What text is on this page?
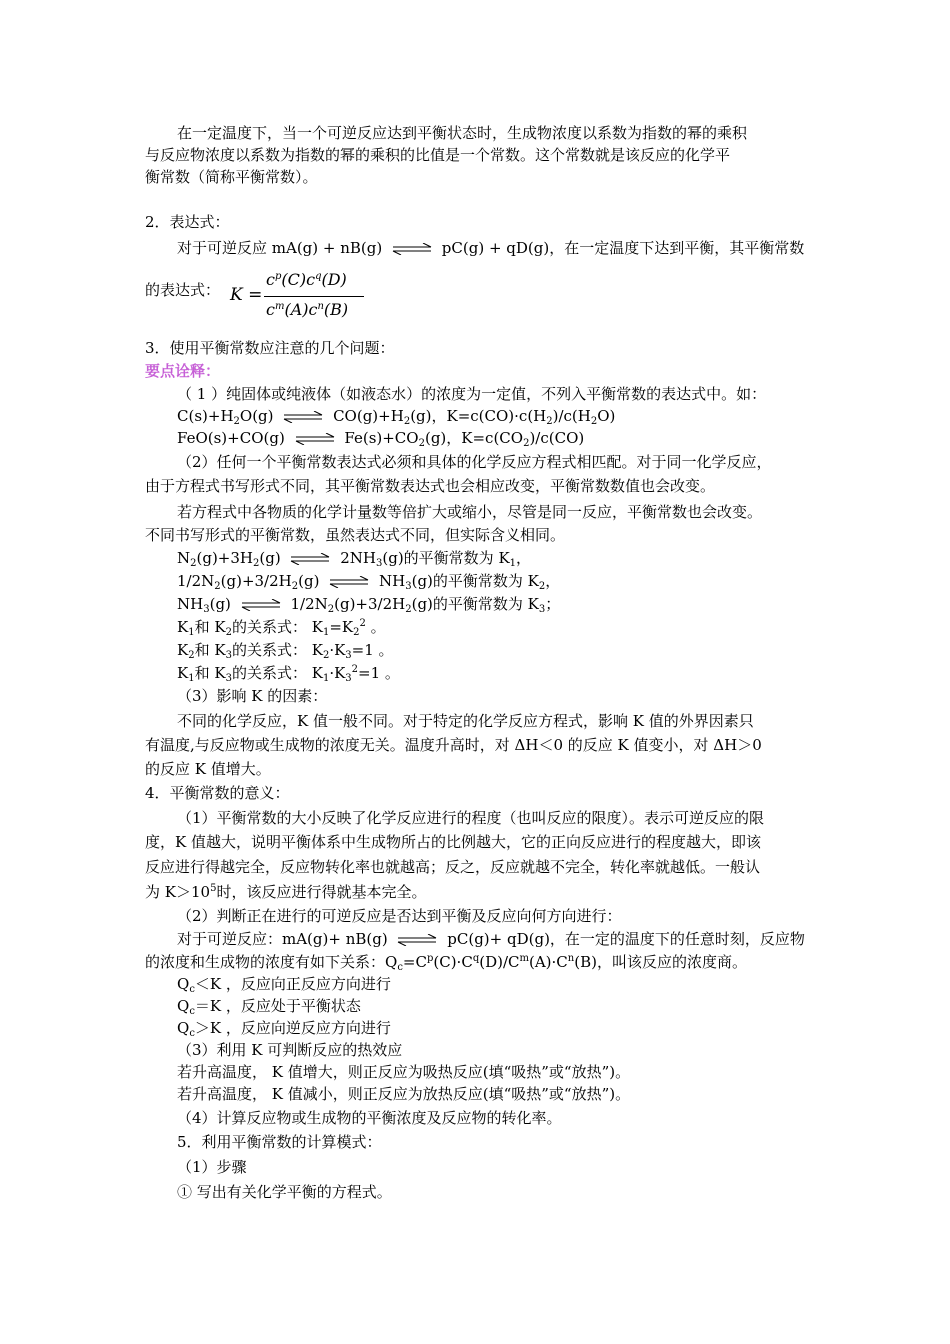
在一定温度下，当一个可逆反应达到平衡状态时，生成物浓度以系数为指数的幂的乘积
与反应物浓度以系数为指数的幂的乘积的比值是一个常数。这个常数就是该反应的化学平
衡常数（简称平衡常数）。
2．表达式：
对于可逆反应 mA(g) + nB(g) ⇌ pC(g) + qD(g)，在一定温度下达到平衡，其平衡常数
的表达式： K =
$c^p(C)c^q(D)$
$c^m(A)c^n(B)$
3．使用平衡常数应注意的几个问题：
要点诠释：
（ 1 ）纯固体或纯液体（如液态水）的浓度为一定值，不列入平衡常数的表达式中。如：
$C(s)+H_2O(g)$ ⇌ $CO(g)+H_2(g)$，$K=c(CO)\cdot c(H_2)/c(H_2O)$
FeO(s)+CO(g) ⇌ $Fe(s)+CO_2(g)$，$K=c(CO_2)/c(CO)$
（2）任何一个平衡常数表达式必须和具体的化学反应方程式相匹配。对于同一化学反应，
由于方程式书写形式不同，其平衡常数表达式也会相应改变，平衡常数数值也会改变。
若方程式中各物质的化学计量数等倍扩大或缩小，尽管是同一反应，平衡常数也会改变。
不同书写形式的平衡常数，虽然表达式不同，但实际含义相同。
$N_2(g)+3H_2(g)$ ⇌ $2NH_3(g)$的平衡常数为 $K_1$，
$1/2N_2(g)+3/2H_2(g)$ ⇌ $NH_3(g)$的平衡常数为 $K_2$，
$NH_3(g)$ ⇌ $1/2N_2(g)+3/2H_2(g)$的平衡常数为 $K_3$；
$K_1$和 $K_2$的关系式： $K_1=K_2^2$ 。
$K_2$和 $K_3$的关系式： $K_2\cdot K_3=1$ 。
$K_1$和 $K_3$的关系式： $K_1\cdot K_3^2=1$ 。
（3）影响 K 的因素：
不同的化学反应，K 值一般不同。对于特定的化学反应方程式，影响 K 值的外界因素只
有温度,与反应物或生成物的浓度无关。温度升高时，对 ΔH＜0 的反应 K 值变小，对 ΔH＞0
的反应 K 值增大。
4．平衡常数的意义：
（1）平衡常数的大小反映了化学反应进行的程度（也叫反应的限度）。表示可逆反应的限
度，K 值越大，说明平衡体系中生成物所占的比例越大，它的正向反应进行的程度越大，即该
反应进行得越完全，反应物转化率也就越高；反之，反应就越不完全，转化率就越低。一般认
为 $K>10^5$时，该反应进行得就基本完全。
（2）判断正在进行的可逆反应是否达到平衡及反应向何方向进行：
对于可逆反应：mA(g)+ nB(g) ⇌ pC(g)+ qD(g)，在一定的温度下的任意时刻，反应物
的浓度和生成物的浓度有如下关系：$Q_c=C^p(C)\cdot C^q(D)/C^m(A)\cdot C^n(B)$，叫该反应的浓度商。
$Q_c<K$ ，反应向正反应方向进行
$Q_c=K$ ，反应处于平衡状态
$Q_c>K$ ，反应向逆反应方向进行
（3）利用 K 可判断反应的热效应
若升高温度， K 值增大，则正反应为吸热反应(填“吸热”或“放热”)。
若升高温度， K 值减小，则正反应为放热反应(填“吸热”或“放热”)。
（4）计算反应物或生成物的平衡浓度及反应物的转化率。
5．利用平衡常数的计算模式：
（1）步骤
① 写出有关化学平衡的方程式。
